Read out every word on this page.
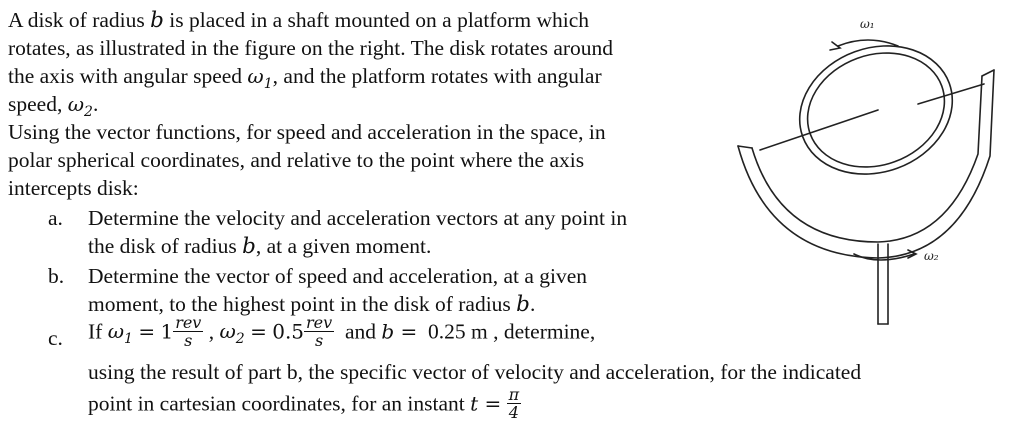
A disk of radius b is placed in a shaft mounted on a platform which
rotates, as illustrated in the figure on the right. The disk rotates around
the axis with angular speed $\omega_1$, and the platform rotates with angular
speed, $\omega_2$.
Using the vector functions, for speed and acceleration in the space, in
polar spherical coordinates, and relative to the point where the axis
intercepts disk:
a. Determine the velocity and acceleration vectors at any point in
the disk of radius b, at a given moment.
b. Determine the vector of speed and acceleration, at a given
moment, to the highest point in the disk of radius b.
c. If $\omega_1 = 1 \frac{\text{rev}}{s}$ , $\omega_2 = 0.5 \frac{\text{rev}}{s}$ and b = 0.25 m , determine,
using the result of part b, the specific vector of velocity and acceleration, for the indicated
point in cartesian coordinates, for an instant $t = \frac{\pi}{4}$
ω₁
ω₂
